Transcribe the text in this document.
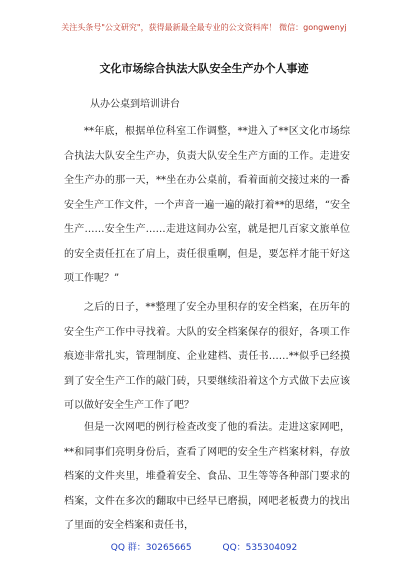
关注头条号"公文研究"，获得最新最全最专业的公文资料库！ 微信：gongwenyj
文化市场综合执法大队安全生产办个人事迹
从办公桌到培训讲台

**年底，根据单位科室工作调整，**进入了**区文化市场综合执法大队安全生产办，负责大队安全生产方面的工作。走进安全生产办的那一天，**坐在办公桌前，看着面前交接过来的一番安全生产工作文件，一个声音一遍一遍的敲打着**的思绪，“安全生产……安全生产……走进这间办公室，就是把几百家文旅单位的安全责任扛在了肩上，责任很重啊，但是，要怎样才能干好这项工作呢？”

之后的日子，**整理了安全办里积存的安全档案，在历年的安全生产工作中寻找着。大队的安全档案保存的很好，各项工作痕迹非常扎实，管理制度、企业建档、责任书……**似乎已经摸到了安全生产工作的敲门砖，只要继续沿着这个方式做下去应该可以做好安全生产工作了吧？

但是一次网吧的例行检查改变了他的看法。走进这家网吧，**和同事们亮明身份后，查看了网吧的安全生产档案材料，存放档案的文件夹里，堆叠着安全、食品、卫生等等各种部门要求的档案，文件在多次的翻取中已经早已磨损，网吧老板费力的找出了里面的安全档案和责任书，

QQ 群：30265665	QQ：535304092
